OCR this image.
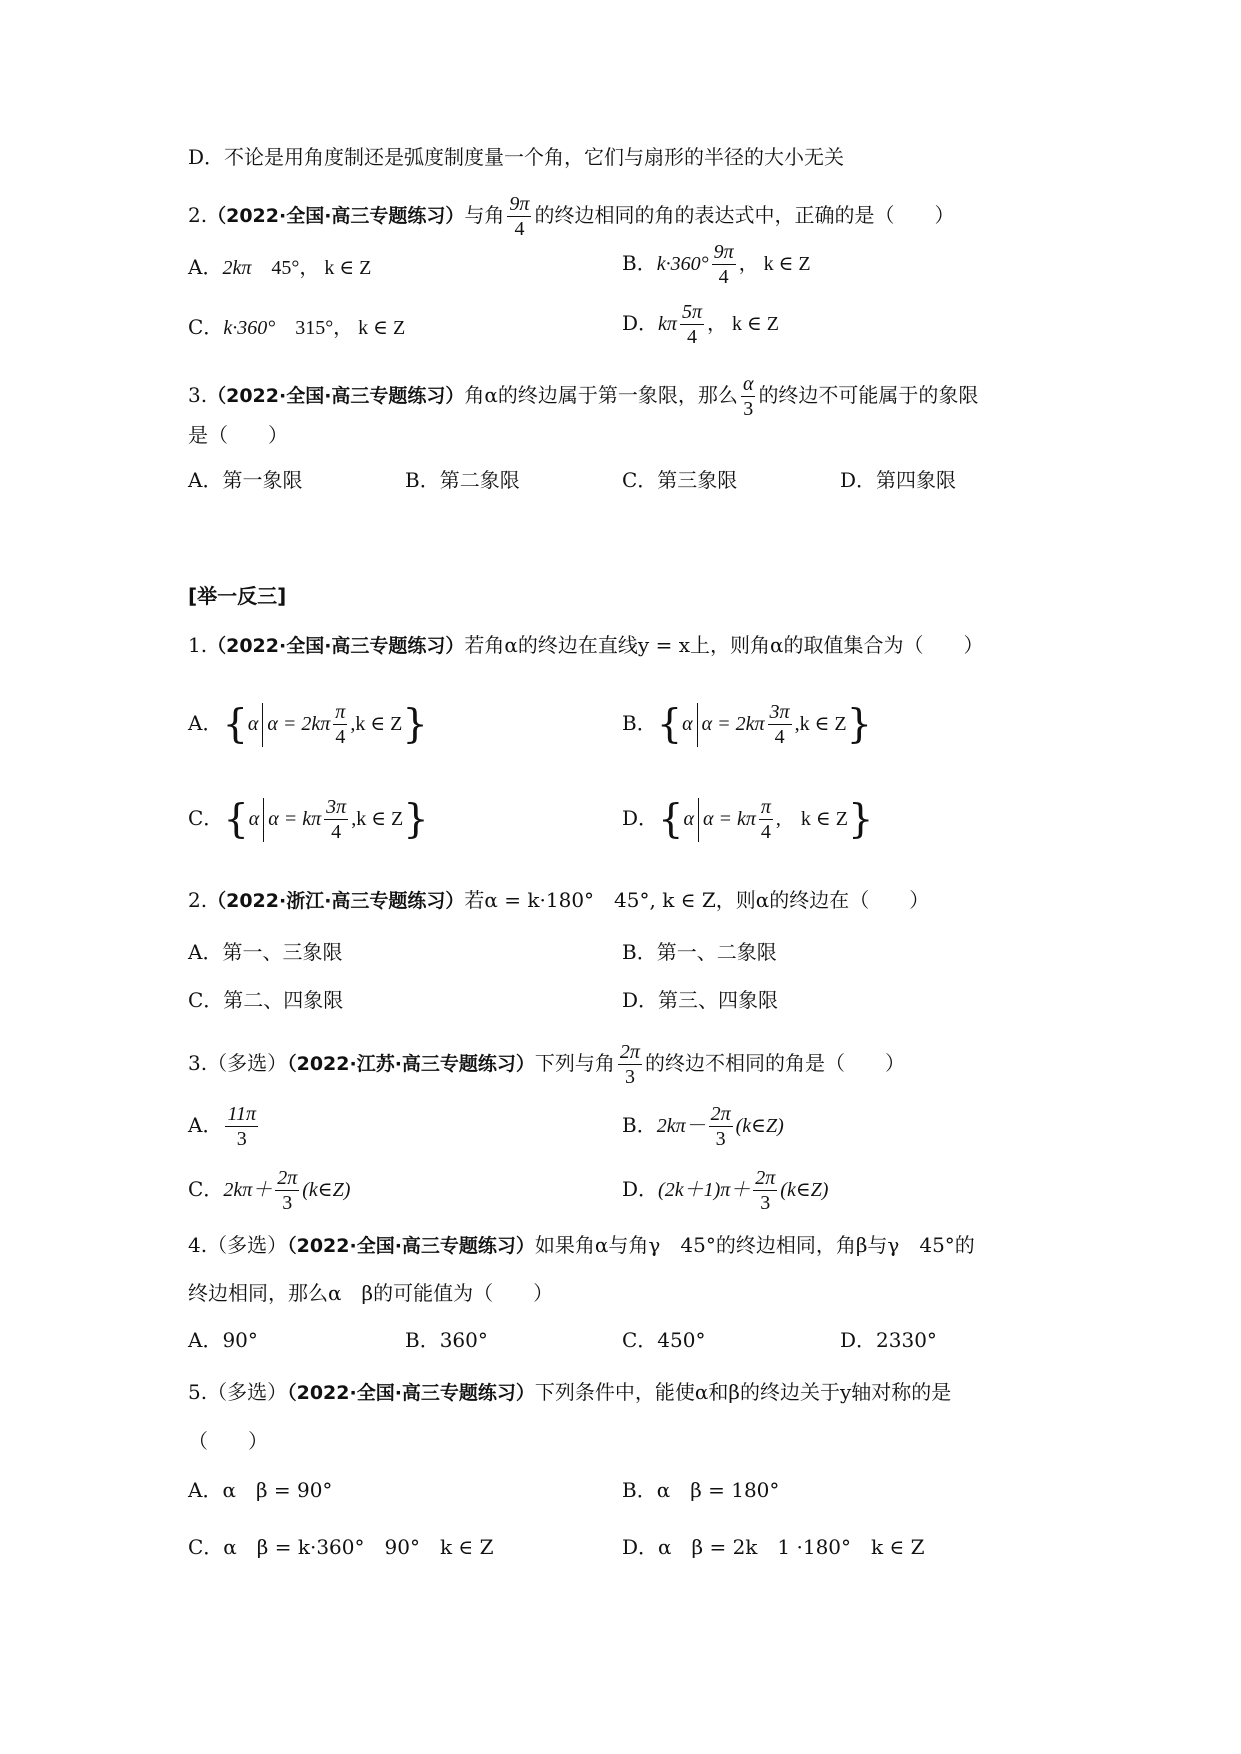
D．不论是用角度制还是弧度制度量一个角，它们与扇形的半径的大小无关
2.（2022·全国·高三专题练习）与角 $\frac{9\pi}{4}$ 的终边相同的角的表达式中，正确的是（　　）
A．2kπ　 45°， k ∈ Z	B．$k\cdot 360^\circ \frac{9\pi}{4}$ ， k ∈ Z
C．k·360°　 315°， k ∈ Z	D．kπ $\frac{5\pi}{4}$ ， k ∈ Z
3.（2022·全国·高三专题练习）角α的终边属于第一象限，那么 $\frac{\alpha}{3}$ 的终边不可能属于的象限
是（　　）
A．第一象限	B．第二象限	C．第三象限	D．第四象限
[举一反三]
1.（2022·全国·高三专题练习）若角α的终边在直线y = x上，则角α的取值集合为（　　）
A．{α $\alpha = 2k\pi \frac{\pi}{4} ,k$ ∈ Z}	B．{α $\alpha = 2k\pi \frac{3\pi}{4} ,k$ ∈ Z}
C．{α α = kπ $\frac{3\pi}{4} ,k$ ∈ Z}	D．{α α = kπ $\frac{\pi}{4}$ ,　k ∈ Z}
2.（2022·浙江·高三专题练习）若α = k·180°　45°, k ∈ Z，则α的终边在（　　）
A．第一、三象限	B．第一、二象限
C．第二、四象限	D．第三、四象限
3.（多选）（2022·江苏·高三专题练习）下列与角 $\frac{2\pi}{3}$ 的终边不相同的角是（　　）
A． $\frac{11\pi}{3}$	B．$2k\pi- \frac{2\pi}{3}$ (k∈Z)
C．$2k\pi+ \frac{2\pi}{3}$ (k∈Z)	D．$(2k+1)\pi+ \frac{2\pi}{3}$ (k∈Z)
4.（多选）（2022·全国·高三专题练习）如果角α与角γ　45°的终边相同，角β与γ　45°的
终边相同，那么α　β的可能值为（　　）
A．90°	B．360°	C．450°	D．2330°
5.（多选）（2022·全国·高三专题练习）下列条件中，能使α和β的终边关于y轴对称的是
（　　）
A．α　β = 90°	B．α　β = 180°
C．α　β = k·360°　90°　k ∈ Z	D．α　β = 2k　1 ·180°　k ∈ Z
